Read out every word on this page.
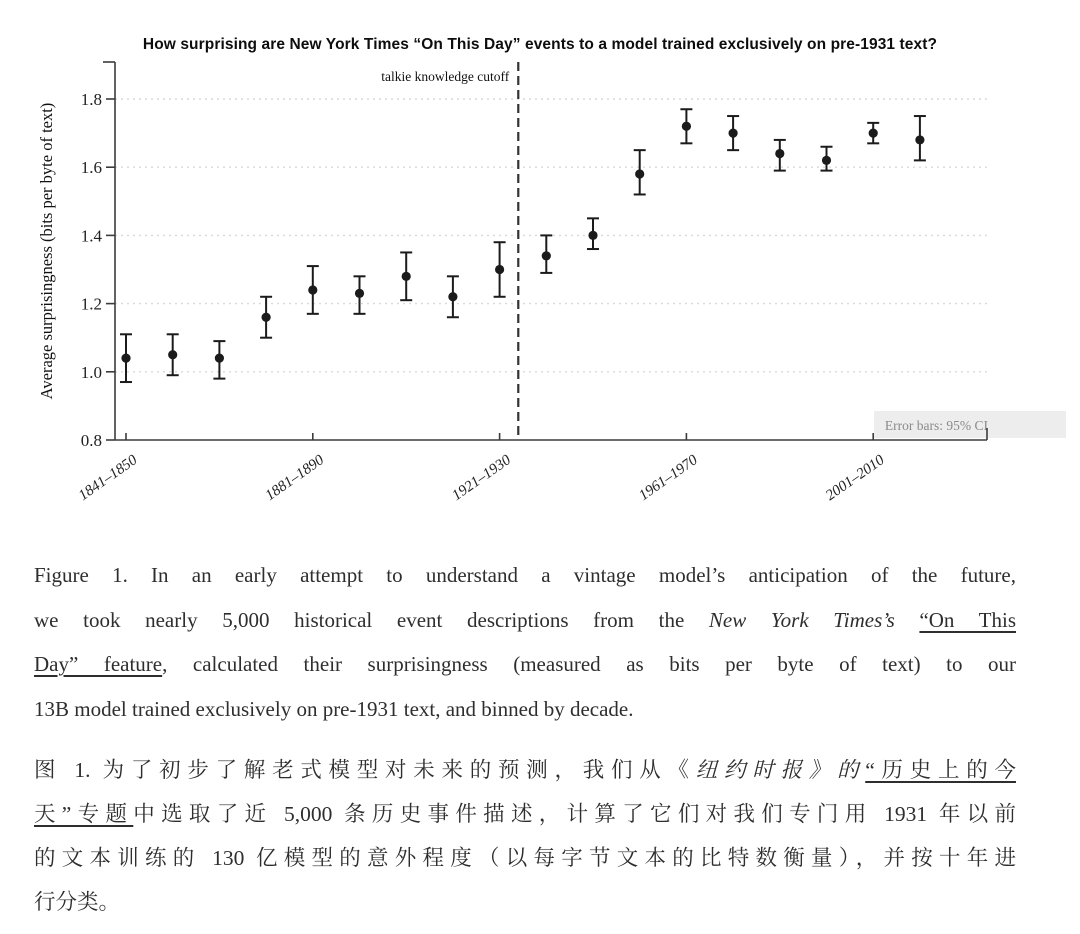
How surprising are New York Times “On This Day” events to a model trained exclusively on pre-1931 text?
Average surprisingness (bits per byte of text)
Error bars: 95% CI
0.8
1.0
1.2
1.4
1.6
1.8
1841–1850	1881–1890	1921–1930	1961–1970	2001–2010
talkie knowledge cutoff
Figure 1. In an early attempt to understand a vintage model’s anticipation of the future,
we took nearly 5,000 historical event descriptions from the New York Times’s “On This
Day” feature, calculated their surprisingness (measured as bits per byte of text) to our
13B model trained exclusively on pre-1931 text, and binned by decade.
图 1. 为了初步了解老式模型对未来的预测，我们从《纽约时报》的“历史上的今
天”专题中选取了近 5,000 条历史事件描述，计算了它们对我们专门用 1931 年以前
的文本训练的 130 亿模型的意外程度（以每字节文本的比特数衡量），并按十年进
行分类。
